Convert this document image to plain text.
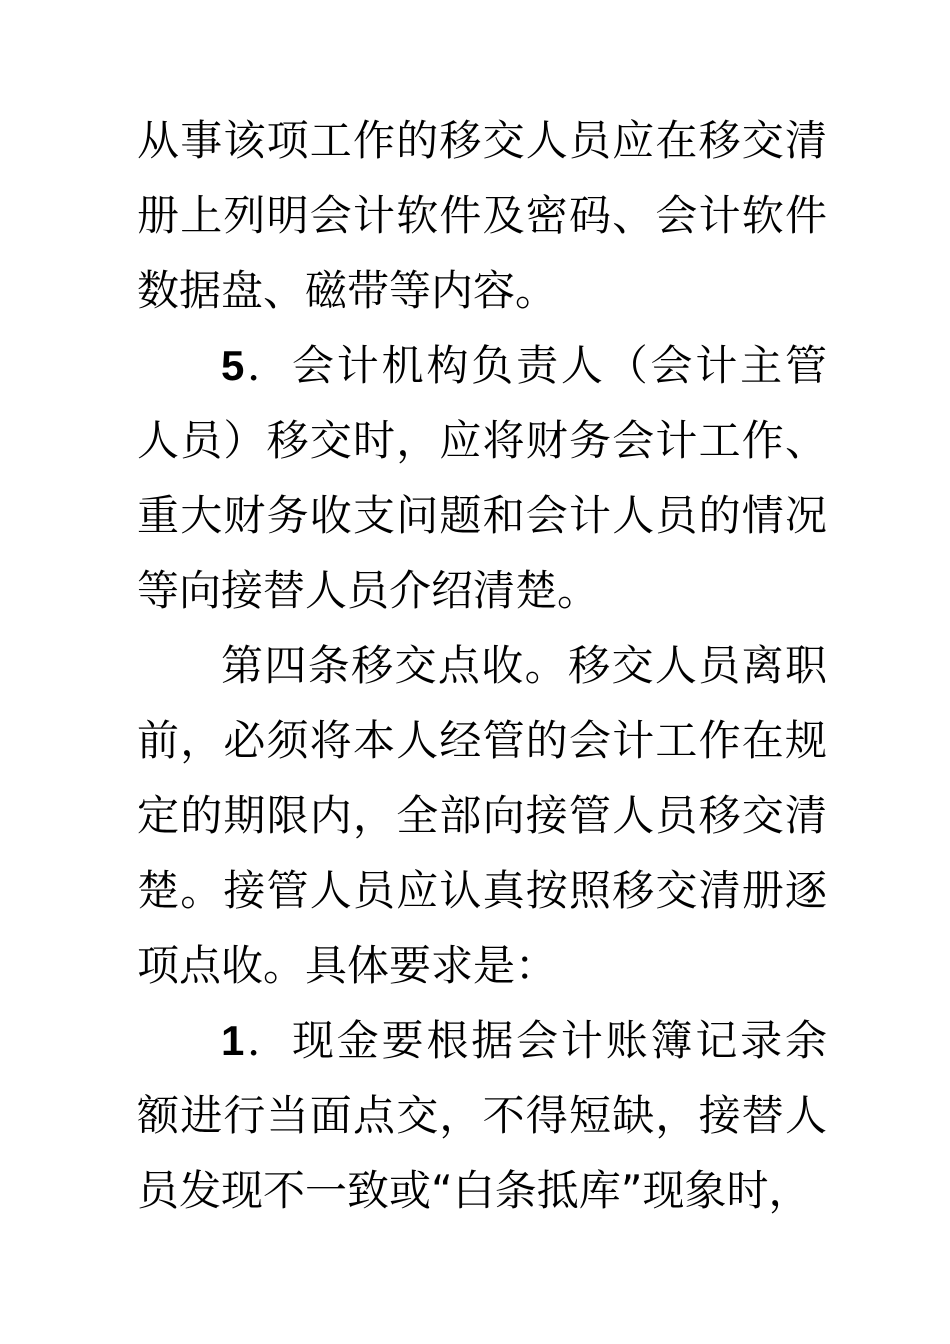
从事该项工作的移交人员应在移交清册上列明会计软件及密码、会计软件数据盘、磁带等内容。

5．会计机构负责人（会计主管人员）移交时，应将财务会计工作、重大财务收支问题和会计人员的情况等向接替人员介绍清楚。

第四条移交点收。移交人员离职前，必须将本人经管的会计工作在规定的期限内，全部向接管人员移交清楚。接管人员应认真按照移交清册逐项点收。具体要求是：

1．现金要根据会计账簿记录余额进行当面点交，不得短缺，接替人员发现不一致或“白条抵库”现象时，
